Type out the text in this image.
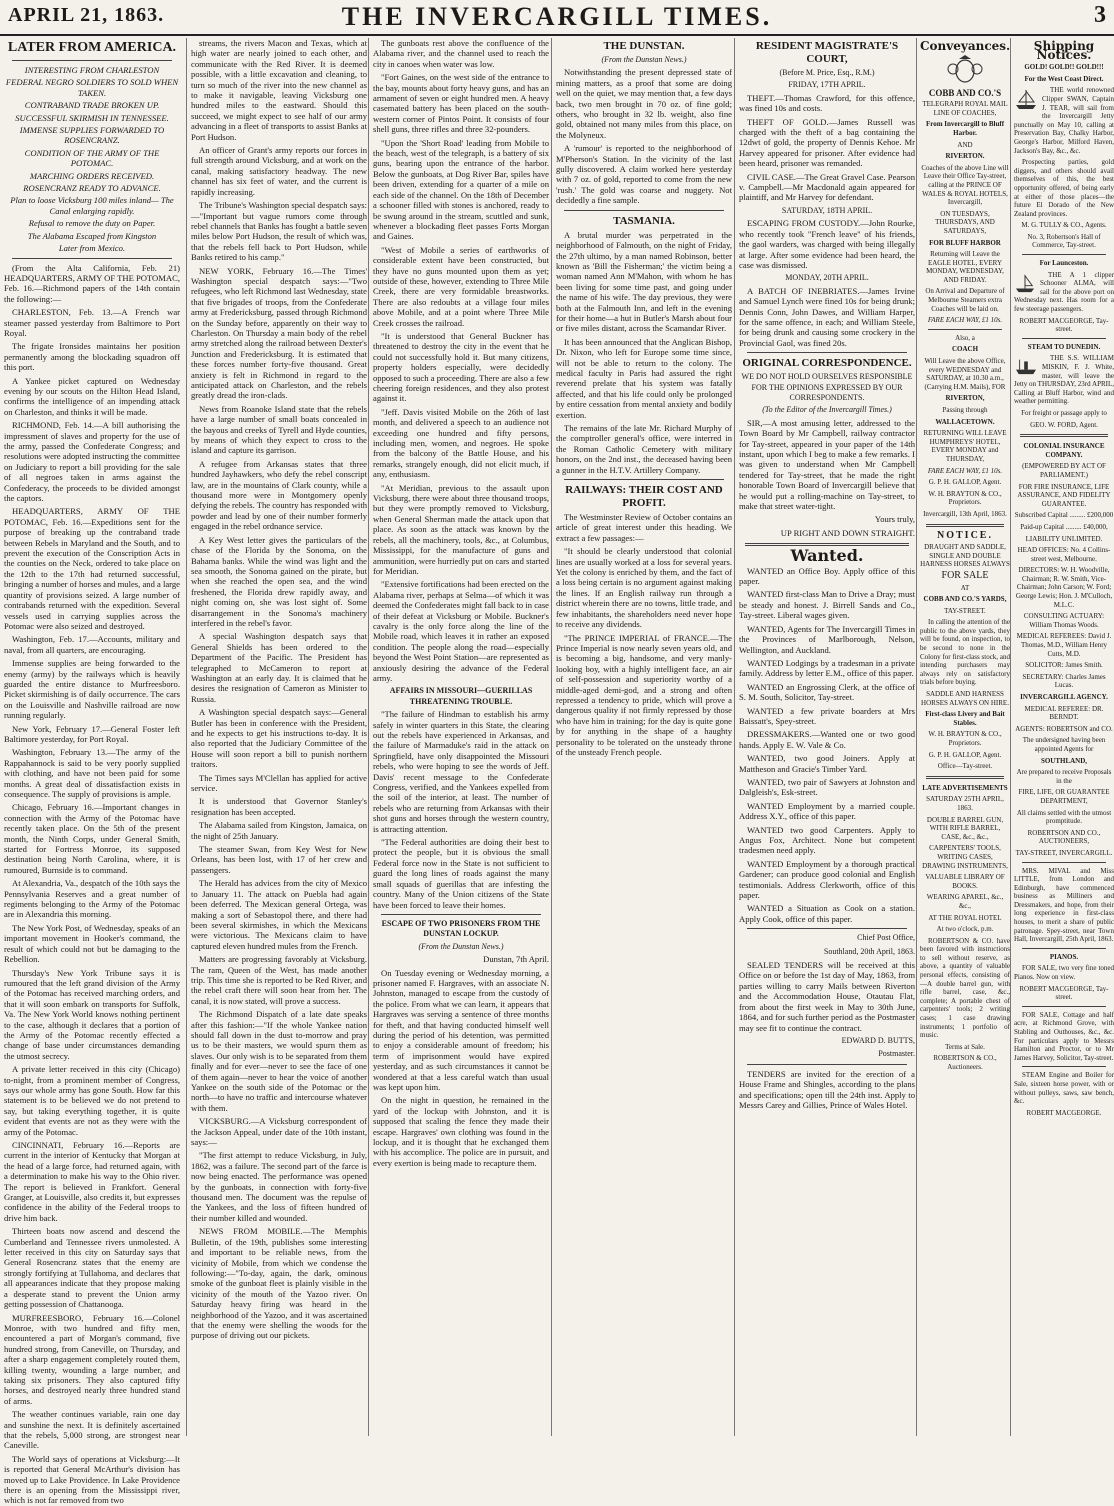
APRIL 21, 1863.	THE INVERCARGILL TIMES.	3
LATER FROM AMERICA.
INTERESTING FROM CHARLESTON
FEDERAL NEGRO SOLDIERS TO SOLD WHEN TAKEN.
CONTRABAND TRADE BROKEN UP.
SUCCESSFUL SKIRMISH IN TENNESSEE.
IMMENSE SUPPLIES FORWARDED TO ROSENCRANZ.
CONDITION OF THE ARMY OF THE POTOMAC.
MARCHING ORDERS RECEIVED.
ROSENCRANZ READY TO ADVANCE.
Plan to loose Vicksburg 100 miles inland— The Canal enlarging rapidly.
Refusal to remove the duty on Paper.
The Alabama Escaped from Kingston
Later from Mexico.

(From the Alta California, Feb. 21) HEADQUARTERS, ARMY OF THE POTOMAC, Feb. 16.—Richmond papers of the 14th contain the following:—

CHARLESTON, Feb. 13.—A French war steamer passed yesterday from Baltimore to Port Royal.

The frigate Ironsides maintains her position permanently among the blockading squadron off this port.

A Yankee picket captured on Wednesday evening by our scouts on the Hilton Head Island, confirms the intelligence of an impending attack on Charleston, and thinks it will be made.

RICHMOND, Feb. 14.—A bill authorising the impressment of slaves and property for the use of the army, passed the Confederate Congress; and resolutions were adopted instructing the committee on Judiciary to report a bill providing for the sale of all negroes taken in arms against the Confederacy, the proceeds to be divided amongst the captors.

HEADQUARTERS, ARMY OF THE POTOMAC, Feb. 16.—Expeditions sent for the purpose of breaking up the contraband trade between Rebels in Maryland and the South, and to prevent the execution of the Conscription Acts in the counties on the Neck, ordered to take place on the 12th to the 17th had returned successful, bringing a number of horses and mules, and a large quantity of provisions seized. A large number of contrabands returned with the expedition. Several vessels used in carrying supplies across the Potomac were also seized and destroyed.

Washington, Feb. 17.—Accounts, military and naval, from all quarters, are encouraging.

Immense supplies are being forwarded to the enemy (army) by the railways which is heavily guarded the entire distance to Murfreesboro. Picket skirmishing is of daily occurrence. The cars on the Louisville and Nashville railroad are now running regularly.

New York, February 17.—General Foster left Baltimore yesterday, for Port Royal.

Washington, February 13.—The army of the Rappahannock is said to be very poorly supplied with clothing, and have not been paid for some months. A great deal of dissatisfaction exists in consequence. The supply of provisions is ample.

Chicago, February 16.—Important changes in connection with the Army of the Potomac have recently taken place. On the 5th of the present month, the Ninth Corps, under General Smith, started for Fortress Monroe, its supposed destination being North Carolina, where, it is rumoured, Burnside is to command.

At Alexandria, Va., despatch of the 10th says the Pennsylvania Reserves and a great number of regiments belonging to the Army of the Potomac are in Alexandria this morning.

The New York Post, of Wednesday, speaks of an important movement in Hooker's command, the result of which could not but be damaging to the Rebellion.

Thursday's New York Tribune says it is rumoured that the left grand division of the Army of the Potomac has received marching orders, and that it will soon embark on transports for Suffolk, Va. The New York World knows nothing pertinent to the case, although it declares that a portion of the Army of the Potomac recently effected a change of base under circumstances demanding the utmost secrecy.

A private letter received in this city (Chicago) to-night, from a prominent member of Congress, says our whole army has gone South. How far this statement is to be believed we do not pretend to say, but taking everything together, it is quite evident that events are not as they were with the army of the Potomac.

CINCINNATI, February 16.—Reports are current in the interior of Kentucky that Morgan at the head of a large force, had returned again, with a determination to make his way to the Ohio river. The report is believed in Frankfort. General Granger, at Louisville, also credits it, but expresses confidence in the ability of the Federal troops to drive him back.

Thirteen boats now ascend and descend the Cumberland and Tennessee rivers unmolested. A letter received in this city on Saturday says that General Rosencranz states that the enemy are strongly fortifying at Tullahoma, and declares that all appearances indicate that they propose making a desperate stand to prevent the Union army getting possession of Chattanooga.

MURFREESBORO, February 16.—Colonel Monroe, with two hundred and fifty men, encountered a part of Morgan's command, five hundred strong, from Caneville, on Thursday, and after a sharp engagement completely routed them, killing twenty, wounding a large number, and taking six prisoners. They also captured fifty horses, and destroyed nearly three hundred stand of arms.

The weather continues variable, rain one day and sunshine the next. It is definitely ascertained that the rebels, 5,000 strong, are strongest near Caneville.

The World says of operations at Vicksburg:—It is reported that General McArthur's division has moved up to Lake Providence. In Lake Providence there is an opening from the Mississippi river, which is not far removed from two

streams, the rivers Macon and Texas, which at high water are nearly joined to each other, and communicate with the Red River. It is deemed possible, with a little excavation and cleaning, to turn so much of the river into the new channel as to make it navigable, leaving Vicksburg one hundred miles to the eastward. Should this succeed, we might expect to see half of our army advancing in a fleet of transports to assist Banks at Port Hudson.

An officer of Grant's army reports our forces in full strength around Vicksburg, and at work on the canal, making satisfactory headway. The new channel has six feet of water, and the current is rapidly increasing.

The Tribune's Washington special despatch says:—"Important but vague rumors come through rebel channels that Banks has fought a battle seven miles below Port Hudson, the result of which was, that the rebels fell back to Port Hudson, while Banks retired to his camp."

NEW YORK, February 16.—The Times' Washington special despatch says:—"Two refugees, who left Richmond last Wednesday, state that five brigades of troops, from the Confederate army at Fredericksburg, passed through Richmond on the Sunday before, apparently on their way to Charleston. On Thursday a main body of the rebel army stretched along the railroad between Dexter's Junction and Fredericksburg. It is estimated that these forces number forty-five thousand. Great anxiety is felt in Richmond in regard to the anticipated attack on Charleston, and the rebels greatly dread the iron-clads.

News from Roanoke Island state that the rebels have a large number of small boats concealed in the bayous and creeks of Tyrell and Hyde counties, by means of which they expect to cross to the island and capture its garrison.

A refugee from Arkansas states that three hundred Jayhawkers, who defy the rebel conscript law, are in the mountains of Clark county, while a thousand more were in Montgomery openly defying the rebels. The country has responded with powder and lead by one of their number formerly engaged in the rebel ordnance service.

A Key West letter gives the particulars of the chase of the Florida by the Sonoma, on the Bahama banks. While the wind was light and the sea smooth, the Sonoma gained on the pirate, but when she reached the open sea, and the wind freshened, the Florida drew rapidly away, and night coming on, she was lost sight of. Some disarrangement in the Sonoma's machinery interfered in the rebel's favor.

A special Washington despatch says that General Shields has been ordered to the Department of the Pacific. The President has telegraphed to McCameron to report at Washington at an early day. It is claimed that he desires the resignation of Cameron as Minister to Russia.

A Washington special despatch says:—General Butler has been in conference with the President, and he expects to get his instructions to-day. It is also reported that the Judiciary Committee of the House will soon report a bill to punish northern traitors.

The Times says M'Clellan has applied for active service.

It is understood that Governor Stanley's resignation has been accepted.

The Alabama sailed from Kingston, Jamaica, on the night of 25th January.

The steamer Swan, from Key West for New Orleans, has been lost, with 17 of her crew and passengers.

The Herald has advices from the city of Mexico to January 11. The attack on Puebla had again been deferred. The Mexican general Ortega, was making a sort of Sebastopol there, and there had been several skirmishes, in which the Mexicans were victorious. The Mexicans claim to have captured eleven hundred mules from the French.

Matters are progressing favorably at Vicksburg. The ram, Queen of the West, has made another trip. This time she is reported to be Red River, and the rebel craft there will soon hear from her. The canal, it is now stated, will prove a success.

The Richmond Dispatch of a late date speaks after this fashion:—"If the whole Yankee nation should fall down in the dust to-morrow and pray us to be their masters, we would spurn them as slaves. Our only wish is to be separated from them finally and for ever—never to see the face of one of them again—never to hear the voice of another Yankee on the south side of the Potomac or the north—to have no traffic and intercourse whatever with them.

VICKSBURG.—A Vicksburg correspondent of the Jackson Appeal, under date of the 10th instant, says:—

"The first attempt to reduce Vicksburg, in July, 1862, was a failure. The second part of the farce is now being enacted. The performance was opened by the gunboats, in connection with forty-five thousand men. The document was the repulse of the Yankees, and the loss of fifteen hundred of their number killed and wounded.

NEWS FROM MOBILE.—The Memphis Bulletin, of the 19th, publishes some interesting and important to be reliable news, from the vicinity of Mobile, from which we condense the following:—"To-day, again, the dark, ominous smoke of the gunboat fleet is plainly visible in the vicinity of the mouth of the Yazoo river. On Saturday heavy firing was heard in the neighborhood of the Yazoo, and it was ascertained that the enemy were shelling the woods for the purpose of driving out our pickets.

The gunboats rest above the confluence of the Alabama river, and the channel used to reach the city in canoes when water was low.

"Fort Gaines, on the west side of the entrance to the bay, mounts about forty heavy guns, and has an armament of seven or eight hundred men. A heavy casemated battery has been placed on the south-western corner of Pintos Point. It consists of four shell guns, three rifles and three 32-pounders.

"Upon the 'Short Road' leading from Mobile to the beach, west of the telegraph, is a battery of six guns, bearing upon the entrance of the harbor. Below the gunboats, at Dog River Bar, spiles have been driven, extending for a quarter of a mile on each side of the channel. On the 18th of December a schooner filled with stones is anchored, ready to be swung around in the stream, scuttled and sunk, whenever a blockading fleet passes Forts Morgan and Gaines.

"West of Mobile a series of earthworks of considerable extent have been constructed, but they have no guns mounted upon them as yet; outside of these, however, extending to Three Mile Creek, there are very formidable breastworks. There are also redoubts at a village four miles above Mobile, and at a point where Three Mile Creek crosses the railroad.

"It is understood that General Buckner has threatened to destroy the city in the event that he could not successfully hold it. But many citizens, property holders especially, were decidedly opposed to such a proceeding. There are also a few cheering foreign residences, and they also protest against it.

"Jeff. Davis visited Mobile on the 26th of last month, and delivered a speech to an audience not exceeding one hundred and fifty persons, including men, women, and negroes. He spoke from the balcony of the Battle House, and his remarks, strangely enough, did not elicit much, if any, enthusiasm.

"At Meridian, previous to the assault upon Vicksburg, there were about three thousand troops, but they were promptly removed to Vicksburg, when General Sherman made the attack upon that place. As soon as the attack was known by the rebels, all the machinery, tools, &c., at Columbus, Mississippi, for the manufacture of guns and ammunition, were hurriedly put on cars and started for Meridian.

"Extensive fortifications had been erected on the Alabama river, perhaps at Selma—of which it was deemed the Confederates might fall back to in case of their defeat at Vicksburg or Mobile. Buckner's cavalry is the only force along the line of the Mobile road, which leaves it in rather an exposed condition. The people along the road—especially beyond the West Point Station—are represented as anxiously desiring the advance of the Federal army.

AFFAIRS IN MISSOURI—GUERILLAS THREATENING TROUBLE.

"The failure of Hindman to establish his army safely in winter quarters in this State, the clearing out the rebels have experienced in Arkansas, and the failure of Marmaduke's raid in the attack on Springfield, have only disappointed the Missouri rebels, who were hoping to see the words of Jeff. Davis' recent message to the Confederate Congress, verified, and the Yankees expelled from the soil of the interior, at least. The number of rebels who are returning from Arkansas with their shot guns and horses through the western country, is attracting attention.

"The Federal authorities are doing their best to protect the people, but it is obvious the small Federal force now in the State is not sufficient to guard the long lines of roads against the many small squads of guerillas that are infesting the country. Many of the Union citizens of the State have been forced to leave their homes.

ESCAPE OF TWO PRISONERS FROM THE DUNSTAN LOCKUP.
(From the Dunstan News.)

Dunstan, 7th April.

On Tuesday evening or Wednesday morning, a prisoner named F. Hargraves, with an associate N. Johnston, managed to escape from the custody of the police. From what we can learn, it appears that Hargraves was serving a sentence of three months for theft, and that having conducted himself well during the period of his detention, was permitted to enjoy a considerable amount of freedom; his term of imprisonment would have expired yesterday, and as such circumstances it cannot be wondered at that a less careful watch than usual was kept upon him.

On the night in question, he remained in the yard of the lockup with Johnston, and it is supposed that scaling the fence they made their escape. Hargraves' own clothing was found in the lockup, and it is thought that he exchanged them with his accomplice. The police are in pursuit, and every exertion is being made to recapture them.

THE DUNSTAN.
(From the Dunstan News.)

Notwithstanding the present depressed state of mining matters, as a proof that some are doing well on the quiet, we may mention that, a few days back, two men brought in 70 oz. of fine gold; others, who brought in 32 lb. weight, also fine gold, obtained not many miles from this place, on the Molyneux.

A 'rumour' is reported to the neighborhood of M'Pherson's Station. In the vicinity of the last gully discovered. A claim worked here yesterday with 7 oz. of gold, reported to come from the new 'rush.' The gold was coarse and nuggety. Not decidedly a fine sample.

TASMANIA.

A brutal murder was perpetrated in the neighborhood of Falmouth, on the night of Friday, the 27th ultimo, by a man named Robinson, better known as 'Bill the Fisherman;' the victim being a woman named Ann M'Mahon, with whom he has been living for some time past, and going under the name of his wife. The day previous, they were both at the Falmouth Inn, and left in the evening for their home—a hut in Butler's Marsh about four or five miles distant, across the Scamandar River.

It has been announced that the Anglican Bishop, Dr. Nixon, who left for Europe some time since, will not be able to return to the colony. The medical faculty in Paris had assured the right reverend prelate that his system was fatally affected, and that his life could only be prolonged by entire cessation from mental anxiety and bodily exertion.

The remains of the late Mr. Richard Murphy of the comptroller general's office, were interred in the Roman Catholic Cemetery with military honors, on the 2nd inst., the deceased having been a gunner in the H.T.V. Artillery Company.

RAILWAYS: THEIR COST AND PROFIT.

The Westminster Review of October contains an article of great interest under this heading. We extract a few passages:—

"It should be clearly understood that colonial lines are usually worked at a loss for several years. Yet the colony is enriched by them, and the fact of a loss being certain is no argument against making the lines. If an English railway run through a district wherein there are no towns, little trade, and few inhabitants, the shareholders need never hope to receive any dividends.

"The PRINCE IMPERIAL of FRANCE.—The Prince Imperial is now nearly seven years old, and is becoming a big, handsome, and very manly-looking boy, with a highly intelligent face, an air of self-possession and superiority worthy of a middle-aged demi-god, and a strong and often repressed a tendency to pride, which will prove a dangerous quality if not firmly repressed by those who have him in training; for the day is quite gone by for anything in the shape of a haughty personality to be tolerated on the unsteady throne of the unsteady French people.

RESIDENT MAGISTRATE'S COURT,
(Before M. Price, Esq., R.M.)
FRIDAY, 17TH APRIL.

THEFT.—Thomas Crawford, for this offence, was fined 10s and costs.

THEFT OF GOLD.—James Russell was charged with the theft of a bag containing the 12dwt of gold, the property of Dennis Kehoe. Mr Harvey appeared for prisoner. After evidence had been heard, prisoner was remanded.

CIVIL CASE.—The Great Gravel Case. Pearson v. Campbell.—Mr Macdonald again appeared for plaintiff, and Mr Harvey for defendant.

SATURDAY, 18TH APRIL.

ESCAPING FROM CUSTODY.—John Rourke, who recently took "French leave" of his friends, the gaol warders, was charged with being illegally at large. After some evidence had been heard, the case was dismissed.

MONDAY, 20TH APRIL.

A BATCH OF INEBRIATES.—James Irvine and Samuel Lynch were fined 10s for being drunk; Dennis Conn, John Dawes, and William Harper, for the same offence, in each; and William Steele, for being drunk and causing some crockery in the Provincial Gaol, was fined 20s.

ORIGINAL CORRESPONDENCE.
WE DO NOT HOLD OURSELVES RESPONSIBLE FOR THE OPINIONS EXPRESSED BY OUR CORRESPONDENTS.
(To the Editor of the Invercargill Times.)

SIR,—A most amusing letter, addressed to the Town Board by Mr Campbell, railway contractor for Tay-street, appeared in your paper of the 14th instant, upon which I beg to make a few remarks. I was given to understand when Mr Campbell tendered for Tay-street, that he made the right honorable Town Board of Invercargill believe that he would put a rolling-machine on Tay-street, to make that street water-tight.

Yours truly,

UP RIGHT AND DOWN STRAIGHT.

Wanted.

WANTED an Office Boy. Apply office of this paper.

WANTED first-class Man to Drive a Dray; must be steady and honest. J. Birrell Sands and Co., Tay-street. Liberal wages given.

WANTED, Agents for The Invercargill Times in the Provinces of Marlborough, Nelson, Wellington, and Auckland.

WANTED Lodgings by a tradesman in a private family. Address by letter E.M., office of this paper.

WANTED an Engrossing Clerk, at the office of S. M. South, Solicitor, Tay-street.

WANTED a few private boarders at Mrs Baissatt's, Spey-street.

DRESSMAKERS.—Wanted one or two good hands. Apply E. W. Vale & Co.

WANTED, two good Joiners. Apply at Mattheson and Gracie's Timber Yard.

WANTED, two pair of Sawyers at Johnston and Dalgleish's, Esk-street.

WANTED Employment by a married couple. Address X.Y., office of this paper.

WANTED two good Carpenters. Apply to Angus Fox, Architect. None but competent tradesmen need apply.

WANTED Employment by a thorough practical Gardener; can produce good colonial and English testimonials. Address Clerkworth, office of this paper.

WANTED a Situation as Cook on a station. Apply Cook, office of this paper.

Chief Post Office,
Southland, 20th April, 1863.

SEALED TENDERS will be received at this Office on or before the 1st day of May, 1863, from parties willing to carry Mails between Riverton and the Accommodation House, Otautau Flat, from about the first week in May to 30th June, 1864, and for such further period as the Postmaster may see fit to continue the contract.

EDWARD D. BUTTS,
Postmaster.

TENDERS are invited for the erection of a House Frame and Shingles, according to the plans and specifications; open till the 24th inst. Apply to Messrs Carey and Gillies, Prince of Wales Hotel.

Conveyances.
COBB AND CO.'S
TELEGRAPH ROYAL MAIL LINE OF COACHES,
From Invercargill to Bluff Harbor.
AND
RIVERTON.
Coaches of the above Line will Leave their Office Tay-street, calling at the PRINCE OF WALES & ROYAL HOTELS, Invercargill,
ON TUESDAYS, THURSDAYS, AND SATURDAYS,
FOR BLUFF HARBOR
Returning will Leave the EAGLE HOTEL, EVERY MONDAY, WEDNESDAY, AND FRIDAY.
On Arrival and Departure of Melbourne Steamers extra Coaches will be laid on.
FARE EACH WAY, £1 10s.
Also, a
COACH
Will Leave the above Office, every WEDNESDAY and SATURDAY, at 10.30 a.m., (Carrying H.M. Mails), FOR
RIVERTON,
Passing through
WALLACETOWN.
RETURNING WILL LEAVE HUMPHREYS' HOTEL, EVERY MONDAY and THURSDAY,
FARE EACH WAY, £1 10s.
G. P. H. GALLOP, Agent.
W. H. BRAYTON & CO., Proprietors.
Invercargill, 13th April, 1863.
NOTICE.
DRAUGHT AND SADDLE, SINGLE AND DOUBLE HARNESS HORSES ALWAYS
FOR SALE
AT
COBB AND CO.'S YARDS,
TAY-STREET.

In calling the attention of the public to the above yards, they will be found, on inspection, to be second to none in the Colony for first-class stock, and intending purchasers may always rely on satisfactory trials before buying.

SADDLE AND HARNESS HORSES ALWAYS ON HIRE.
First-class Livery and Bait Stables.
W. H. BRAYTON & CO., Proprietors.
G. P. H. GALLOP, Agent.
Office—Tay-street.
LATE ADVERTISEMENTS
SATURDAY 25TH APRIL, 1863.
DOUBLE BARREL GUN, WITH RIFLE BARREL, CASE, &c., &c.,
CARPENTERS' TOOLS, WRITING CASES, DRAWING INSTRUMENTS,
VALUABLE LIBRARY OF BOOKS.
WEARING APAREL, &c., &c.,
AT THE ROYAL HOTEL
At two o'clock, p.m.

ROBERTSON & CO. have been favored with instructions to sell without reserve, as above, a quantity of valuable personal effects, consisting of—A double barrel gun, with rifle barrel, case, &c., complete; A portable chest of carpenters' tools; 2 writing cases; 1 case drawing instruments; 1 portfolio of music.

Terms at Sale.
ROBERTSON & CO., Auctioneers.
Shipping Notices.
GOLD! GOLD!! GOLD!!!
For the West Coast Direct.

THE world renowned Clipper SWAN, Captain J. TEAR, will sail from the Invercargill Jetty punctually on May 10, calling at Preservation Bay, Chalky Harbor, George's Harbor, Milford Haven, Jackson's Bay, &c., &c.

Prospecting parties, gold diggers, and others should avail themselves of this, the best opportunity offered, of being early at either of those places—the future El Dorado of the New Zealand provinces.

M. G. TULLY & CO., Agents.
No. 3, Robertson's Hall of Commerce, Tay-street.
For Launceston.

THE A 1 clipper Schooner ALMA, will sail for the above port on Wednesday next. Has room for a few steerage passengers.

ROBERT MACGEORGE, Tay-street.
STEAM TO DUNEDIN.

THE S.S. WILLIAM MISKIN, F. J. White, master, will leave the Jetty on THURSDAY, 23rd APRIL, Calling at Bluff Harbor, wind and weather permitting.

For freight or passage apply to
GEO. W. FORD, Agent.
COLONIAL INSURANCE COMPANY.
(EMPOWERED BY ACT OF PARLIAMENT.)
FOR FIRE INSURANCE, LIFE ASSURANCE, AND FIDELITY GUARANTEE.
Subscribed Capital ......... £200,000
Paid-up Capital ......... £40,000,
LIABILITY UNLIMITED.
HEAD OFFICES: No. 4 Collins-street west, Melbourne.
DIRECTORS: W. H. Woodville, Chairman; R. W. Smith, Vice-Chairman; John Carson; W. Ford; George Lewis; Hon. J. M'Culloch, M.L.C.
CONSULTING ACTUARY: William Thomas Woods.
MEDICAL REFEREES: David J. Thomas, M.D., William Henry Cutts, M.D.
SOLICITOR: James Smith.
SECRETARY: Charles James Lucas.
INVERCARGILL AGENCY.
MEDICAL REFEREE: DR. BERNDT.
AGENTS: ROBERTSON and CO.
The undersigned having been appointed Agents for
SOUTHLAND,
Are prepared to receive Proposals in the
FIRE, LIFE, OR GUARANTEE DEPARTMENT,
All claims settled with the utmost promptitude.
ROBERTSON AND CO., AUCTIONEERS,
TAY-STREET, INVERCARGILL.

MRS. MIVAL and Miss LITTLE, from London and Edinburgh, have commenced business as Milliners and Dressmakers, and hope, from their long experience in first-class houses, to merit a share of public patronage. Spey-street, near Town Hall, Invercargill, 25th April, 1863.

PIANOS.

FOR SALE, two very fine toned Pianos. Now on view.

ROBERT MACGEORGE, Tay-street.

FOR SALE, Cottage and half acre, at Richmond Grove, with Stabling and Outhouses, &c., &c. For particulars apply to Messrs Hamilton and Proctor, or to Mr James Harvey, Solicitor, Tay-street.

STEAM Engine and Boiler for Sale, sixteen horse power, with or without pulleys, saws, saw bench, &c.

ROBERT MACGEORGE.
